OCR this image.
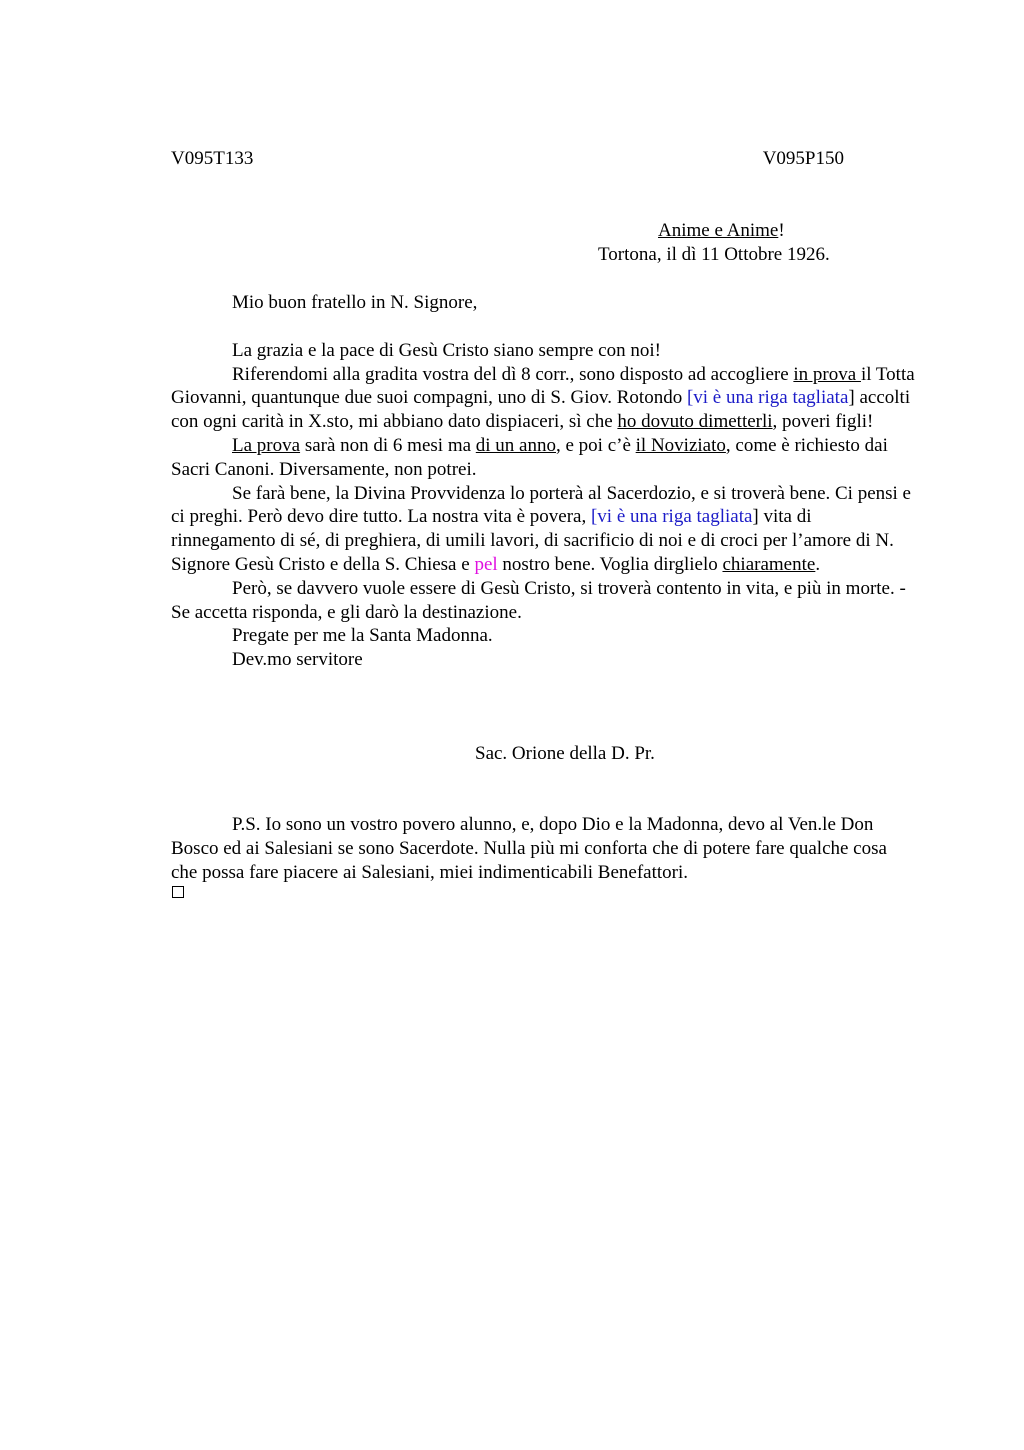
V095T133	V095P150
Anime e Anime!
Tortona, il dì 11 Ottobre 1926.

Mio buon fratello in N. Signore,

La grazia e la pace di Gesù Cristo siano sempre con noi!

Riferendomi alla gradita vostra del dì 8 corr., sono disposto ad accogliere in prova il Totta Giovanni, quantunque due suoi compagni, uno di S. Giov. Rotondo [vi è una riga tagliata] accolti con ogni carità in X.sto, mi abbiano dato dispiaceri, sì che ho dovuto dimetterli, poveri figli!

La prova sarà non di 6 mesi ma di un anno, e poi c’è il Noviziato, come è richiesto dai Sacri Canoni. Diversamente, non potrei.

Se farà bene, la Divina Provvidenza lo porterà al Sacerdozio, e si troverà bene. Ci pensi e ci preghi. Però devo dire tutto. La nostra vita è povera, [vi è una riga tagliata] vita di rinnegamento di sé, di preghiera, di umili lavori, di sacrificio di noi e di croci per l’amore di N. Signore Gesù Cristo e della S. Chiesa e pel nostro bene. Voglia dirglielo chiaramente.

Però, se davvero vuole essere di Gesù Cristo, si troverà contento in vita, e più in morte. - Se accetta risponda, e gli darò la destinazione.

Pregate per me la Santa Madonna.

Dev.mo servitore

Sac. Orione della D. Pr.

P.S. Io sono un vostro povero alunno, e, dopo Dio e la Madonna, devo al Ven.le Don Bosco ed ai Salesiani se sono Sacerdote. Nulla più mi conforta che di potere fare qualche cosa che possa fare piacere ai Salesiani, miei indimenticabili Benefattori.
